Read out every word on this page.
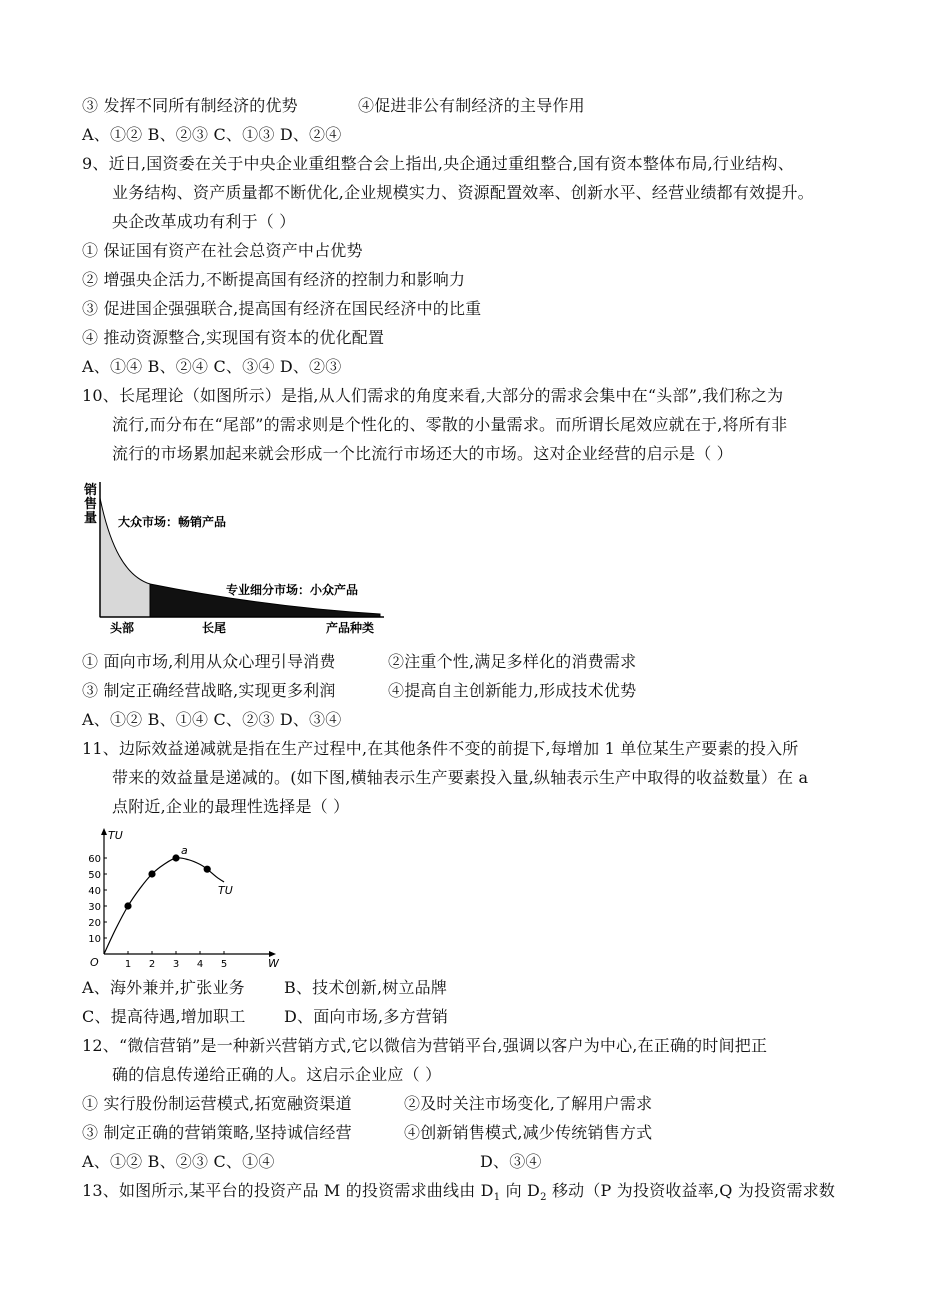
③ 发挥不同所有制经济的优势	④促进非公有制经济的主导作用
A、①② B、②③ C、①③ D、②④
9、近日,国资委在关于中央企业重组整合会上指出,央企通过重组整合,国有资本整体布局,行业结构、
业务结构、资产质量都不断优化,企业规模实力、资源配置效率、创新水平、经营业绩都有效提升。
央企改革成功有利于（ ）
① 保证国有资产在社会总资产中占优势
② 增强央企活力,不断提高国有经济的控制力和影响力
③ 促进国企强强联合,提高国有经济在国民经济中的比重
④ 推动资源整合,实现国有资本的优化配置
A、①④ B、②④ C、③④ D、②③
10、长尾理论（如图所示）是指,从人们需求的角度来看,大部分的需求会集中在“头部”,我们称之为
流行,而分布在“尾部”的需求则是个性化的、零散的小量需求。而所谓长尾效应就在于,将所有非
流行的市场累加起来就会形成一个比流行市场还大的市场。这对企业经营的启示是（ ）
销
售
量 大众市场：畅销产品
专业细分市场：小众产品
头部	长尾	产品种类
① 面向市场,利用从众心理引导消费	②注重个性,满足多样化的消费需求
③ 制定正确经营战略,实现更多利润	④提高自主创新能力,形成技术优势
A、①② B、①④ C、②③ D、③④
11、边际效益递减就是指在生产过程中,在其他条件不变的前提下,每增加 1 单位某生产要素的投入所
带来的效益量是递减的。(如下图,横轴表示生产要素投入量,纵轴表示生产中取得的收益数量）在 a
点附近,企业的最理性选择是（ ）
TU
W
O
10
20
30
40
50
60
1 2 3 4 5
a
TU
A、海外兼并,扩张业务 B、技术创新,树立品牌
C、提高待遇,增加职工 D、面向市场,多方营销
12、“微信营销”是一种新兴营销方式,它以微信为营销平台,强调以客户为中心,在正确的时间把正
确的信息传递给正确的人。这启示企业应（ ）
① 实行股份制运营模式,拓宽融资渠道	②及时关注市场变化,了解用户需求
③ 制定正确的营销策略,坚持诚信经营	④创新销售模式,减少传统销售方式
A、①② B、②③ C、①④	D、③④
13、如图所示,某平台的投资产品 M 的投资需求曲线由 $D_1$ 向 $D_2$ 移动（P 为投资收益率,Q 为投资需求数
